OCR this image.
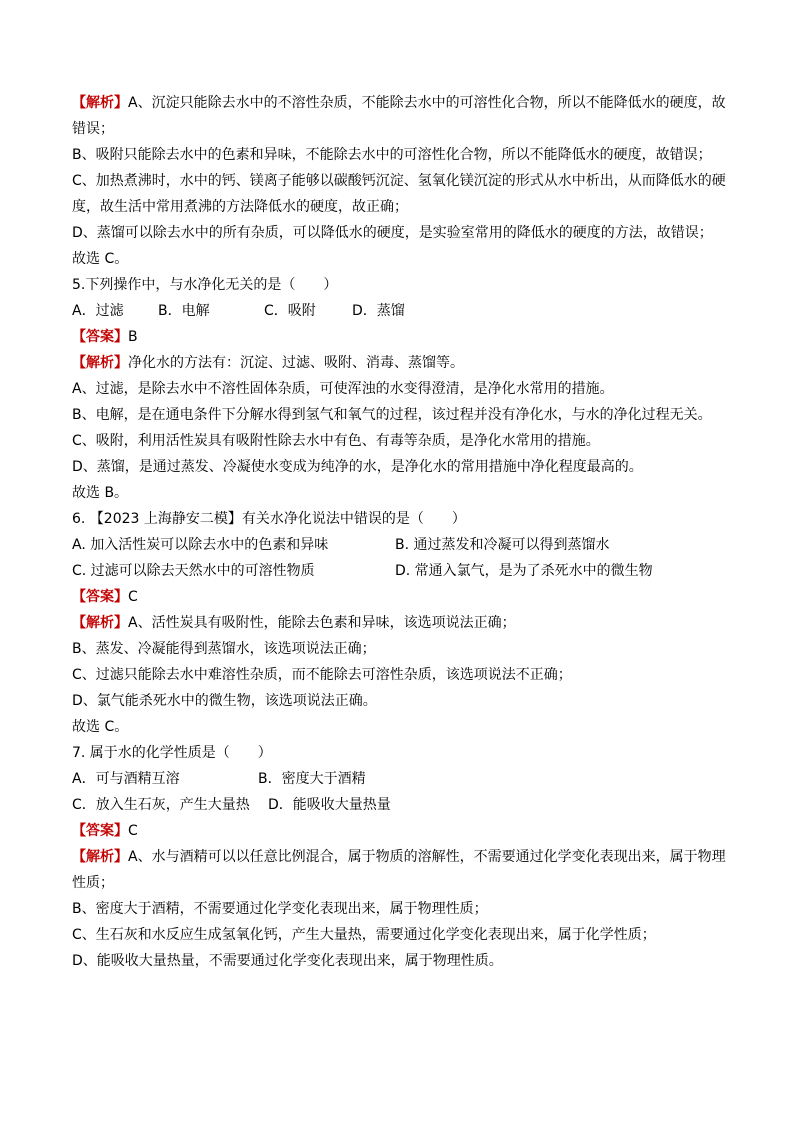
【解析】A、沉淀只能除去水中的不溶性杂质，不能除去水中的可溶性化合物，所以不能降低水的硬度，故错误；
B、吸附只能除去水中的色素和异味，不能除去水中的可溶性化合物，所以不能降低水的硬度，故错误；
C、加热煮沸时，水中的钙、镁离子能够以碳酸钙沉淀、氢氧化镁沉淀的形式从水中析出，从而降低水的硬度，故生活中常用煮沸的方法降低水的硬度，故正确；
D、蒸馏可以除去水中的所有杂质，可以降低水的硬度，是实验室常用的降低水的硬度的方法，故错误；
故选 C。
5.下列操作中，与水净化无关的是（　　）
A．过滤	B．电解	C．吸附	D．蒸馏
【答案】B
【解析】净化水的方法有：沉淀、过滤、吸附、消毒、蒸馏等。
A、过滤，是除去水中不溶性固体杂质，可使浑浊的水变得澄清，是净化水常用的措施。
B、电解，是在通电条件下分解水得到氢气和氧气的过程，该过程并没有净化水，与水的净化过程无关。
C、吸附，利用活性炭具有吸附性除去水中有色、有毒等杂质，是净化水常用的措施。
D、蒸馏，是通过蒸发、冷凝使水变成为纯净的水，是净化水的常用措施中净化程度最高的。
故选 B。
6. 【2023 上海静安二模】有关水净化说法中错误的是（　　）
A. 加入活性炭可以除去水中的色素和异味	B. 通过蒸发和冷凝可以得到蒸馏水
C. 过滤可以除去天然水中的可溶性物质	D. 常通入氯气，是为了杀死水中的微生物
【答案】C
【解析】A、活性炭具有吸附性，能除去色素和异味，该选项说法正确；
B、蒸发、冷凝能得到蒸馏水，该选项说法正确；
C、过滤只能除去水中难溶性杂质，而不能除去可溶性杂质，该选项说法不正确；
D、氯气能杀死水中的微生物，该选项说法正确。
故选 C。
7. 属于水的化学性质是（　　）
A．可与酒精互溶	B．密度大于酒精
C．放入生石灰，产生大量热	D．能吸收大量热量
【答案】C
【解析】A、水与酒精可以以任意比例混合，属于物质的溶解性，不需要通过化学变化表现出来，属于物理性质；
B、密度大于酒精，不需要通过化学变化表现出来，属于物理性质；
C、生石灰和水反应生成氢氧化钙，产生大量热，需要通过化学变化表现出来，属于化学性质；
D、能吸收大量热量，不需要通过化学变化表现出来，属于物理性质。
